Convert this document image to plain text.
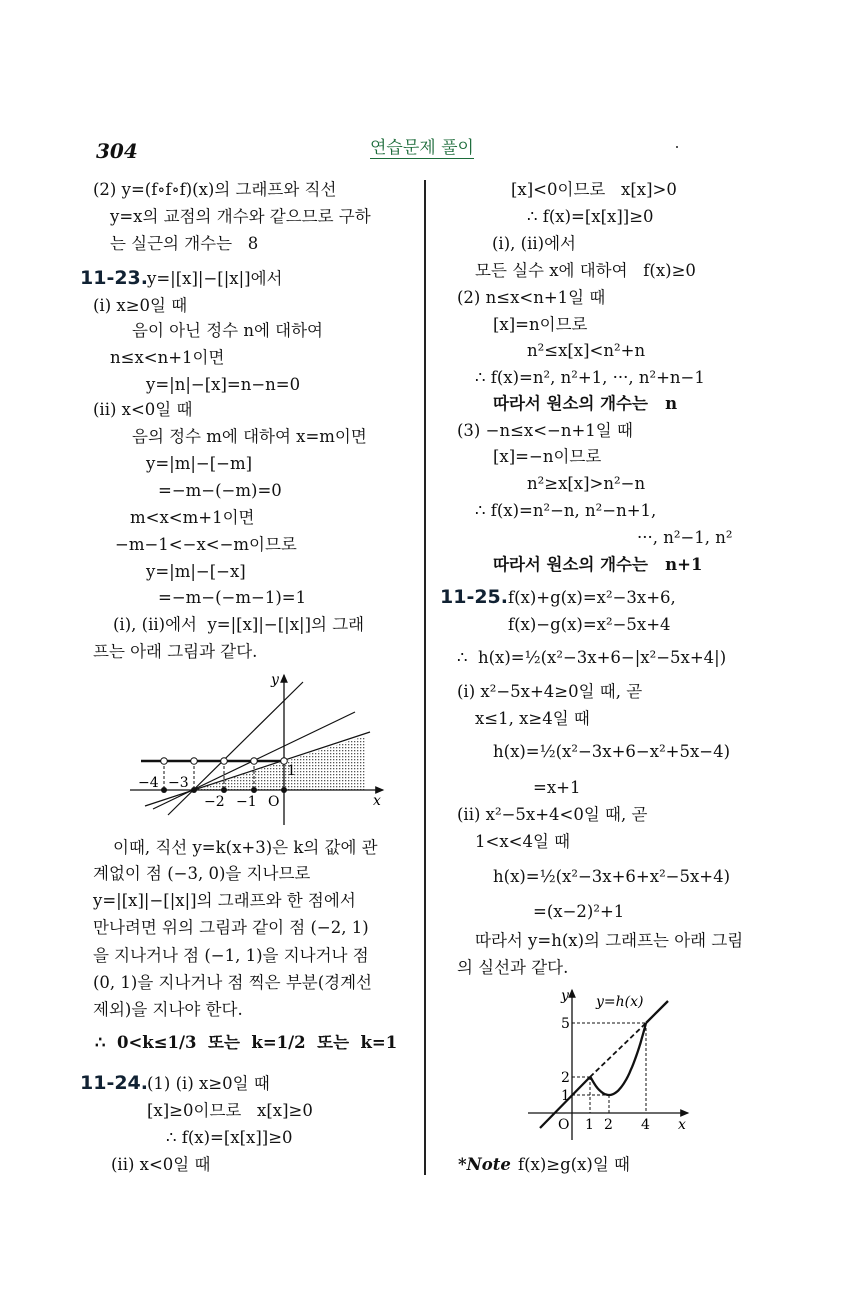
304	연습문제 풀이
(2) y=(f∘f∘f)(x)의 그래프와 직선
y=x의 교점의 개수와 같으므로 구하
는 실근의 개수는   8
11-23. y=|[x]|−[|x|]에서
(i) x≥0일 때
음이 아닌 정수 n에 대하여
n≤x<n+1이면
y=|n|−[x]=n−n=0
(ii) x<0일 때
음의 정수 m에 대하여 x=m이면
y=|m|−[−m]
=−m−(−m)=0
m<x<m+1이면
−m−1<−x<−m이므로
y=|m|−[−x]
=−m−(−m−1)=1
(i), (ii)에서  y=|[x]|−[|x|]의 그래
프는 아래 그림과 같다.
y
x
O
1
−4 −3
−2 −1
y
x
y=h(x)
O 1 2 4
1
2
5
이때, 직선 y=k(x+3)은 k의 값에 관
계없이 점 (−3, 0)을 지나므로
y=|[x]|−[|x|]의 그래프와 한 점에서
만나려면 위의 그림과 같이 점 (−2, 1)
을 지나거나 점 (−1, 1)을 지나거나 점
(0, 1)을 지나거나 점 찍은 부분(경계선
제외)을 지나야 한다.
∴  0<k≤1/3  또는  k=1/2  또는  k=1
11-24. (1) (i) x≥0일 때
[x]≥0이므로   x[x]≥0
∴ f(x)=[x[x]]≥0
(ii) x<0일 때
[x]<0이므로   x[x]>0
∴ f(x)=[x[x]]≥0
(i), (ii)에서
모든 실수 x에 대하여   f(x)≥0
(2) n≤x<n+1일 때
[x]=n이므로
n²≤x[x]<n²+n
∴ f(x)=n², n²+1, ···, n²+n−1
따라서 원소의 개수는   n
(3) −n≤x<−n+1일 때
[x]=−n이므로
n²≥x[x]>n²−n
∴ f(x)=n²−n, n²−n+1,
···, n²−1, n²
따라서 원소의 개수는   n+1
11-25. f(x)+g(x)=x²−3x+6,
f(x)−g(x)=x²−5x+4
∴  h(x)=½(x²−3x+6−|x²−5x+4|)
(i) x²−5x+4≥0일 때, 곧
x≤1, x≥4일 때
h(x)=½(x²−3x+6−x²+5x−4)
=x+1
(ii) x²−5x+4<0일 때, 곧
1<x<4일 때
h(x)=½(x²−3x+6+x²−5x+4)
=(x−2)²+1
따라서 y=h(x)의 그래프는 아래 그림
의 실선과 같다.
*Note f(x)≥g(x)일 때
